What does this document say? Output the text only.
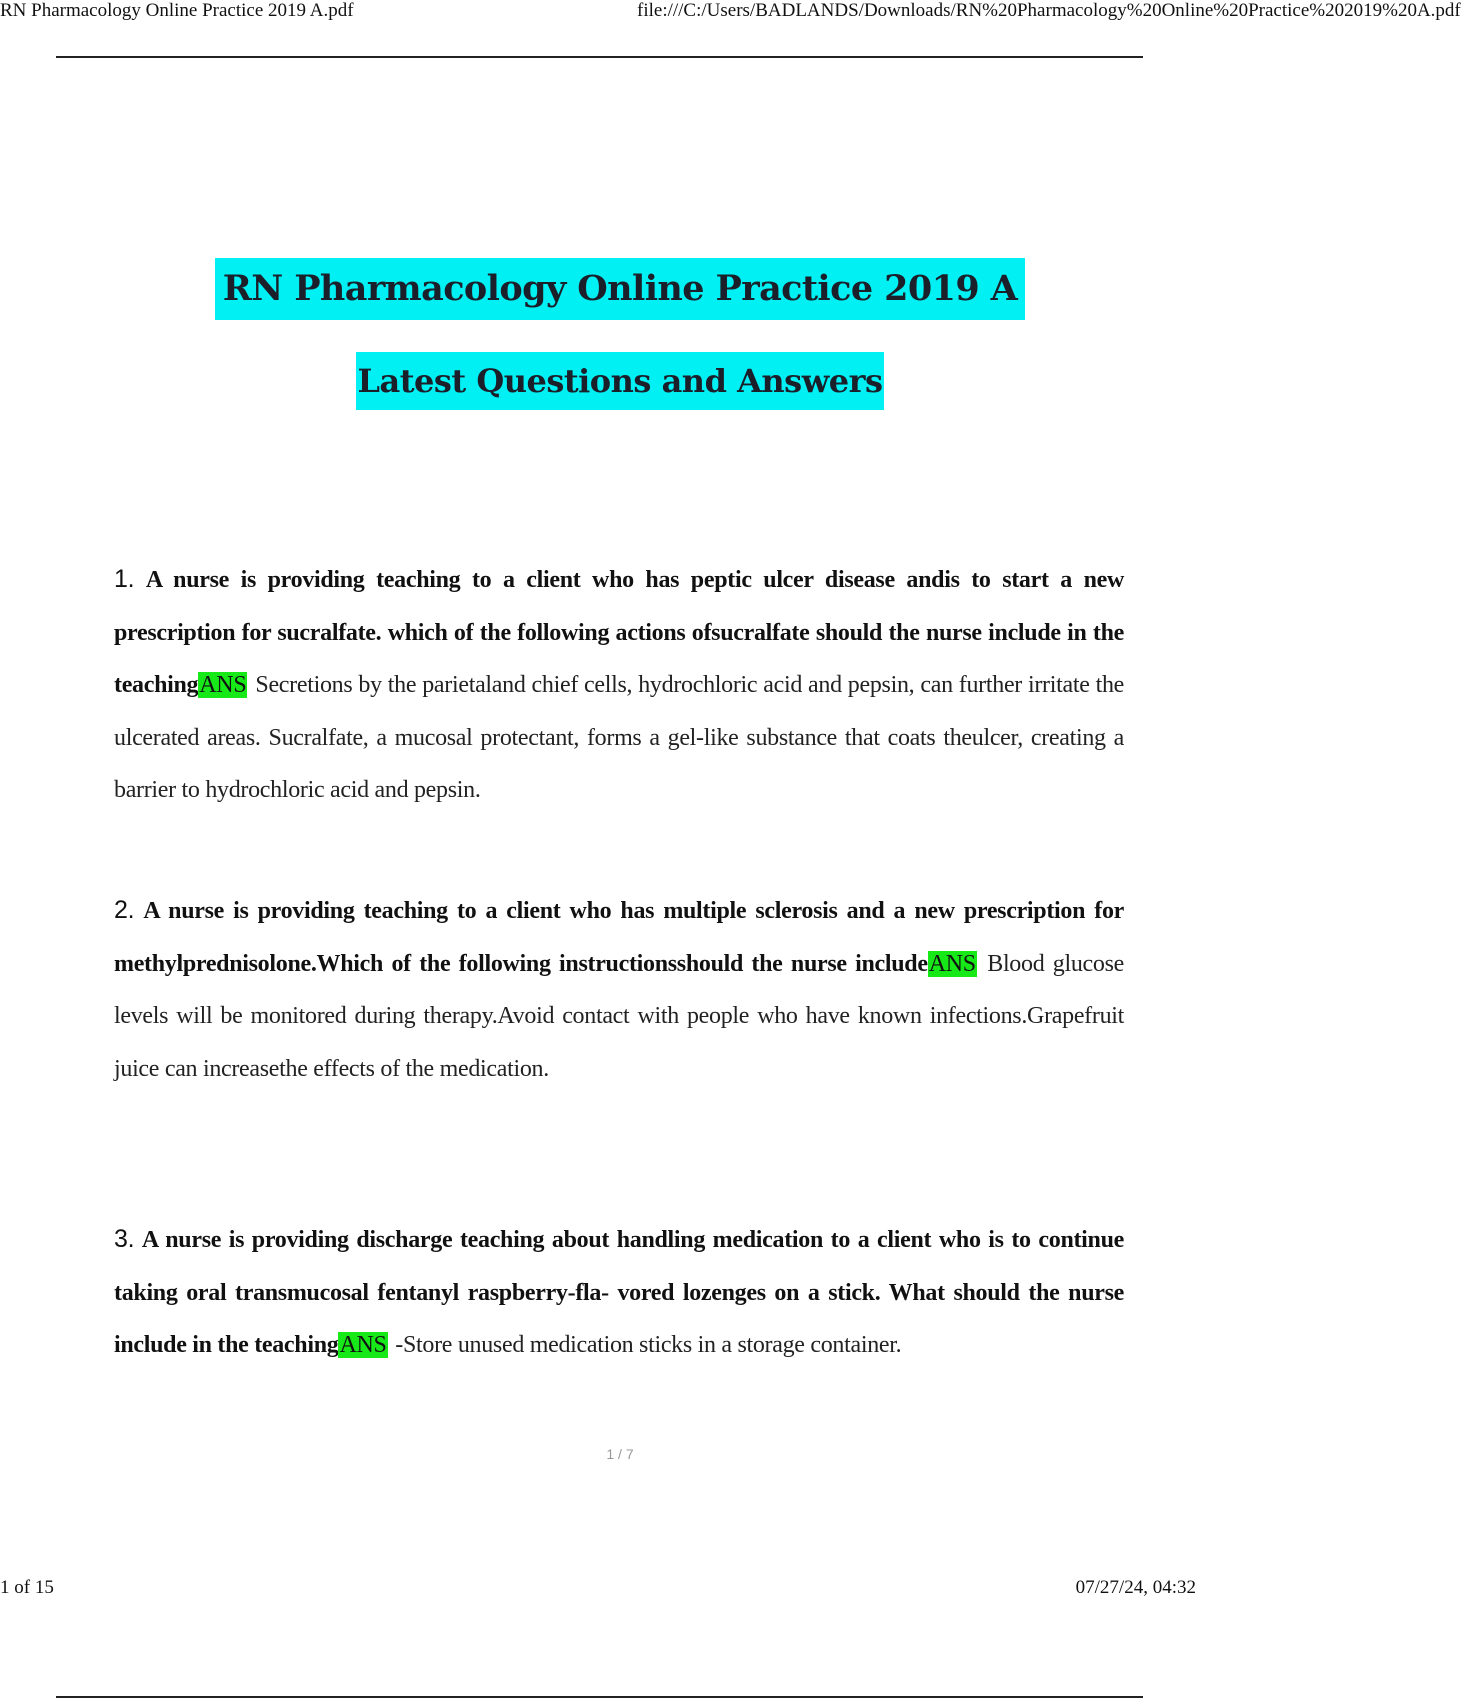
RN Pharmacology Online Practice 2019 A.pdf	file:///C:/Users/BADLANDS/Downloads/RN%20Pharmacology%20Online%20Practice%202019%20A.pdf
RN Pharmacology Online Practice 2019 A
Latest Questions and Answers
1. A nurse is providing teaching to a client who has peptic ulcer disease andis to start a new prescription for sucralfate. which of the following actions ofsucralfate should the nurse include in the teachingANS Secretions by the parietaland chief cells, hydrochloric acid and pepsin, can further irritate the ulcerated areas. Sucralfate, a mucosal protectant, forms a gel-like substance that coats theulcer, creating a barrier to hydrochloric acid and pepsin.
2. A nurse is providing teaching to a client who has multiple sclerosis and a new prescription for methylprednisolone.Which of the following instructionsshould the nurse includeANS Blood glucose levels will be monitored during therapy.Avoid contact with people who have known infections.Grapefruit juice can increasethe effects of the medication.
3. A nurse is providing discharge teaching about handling medication to a client who is to continue taking oral transmucosal fentanyl raspberry-fla- vored lozenges on a stick. What should the nurse include in the teachingANS -Store unused medication sticks in a storage container.
1 / 7
1 of 15	07/27/24, 04:32
